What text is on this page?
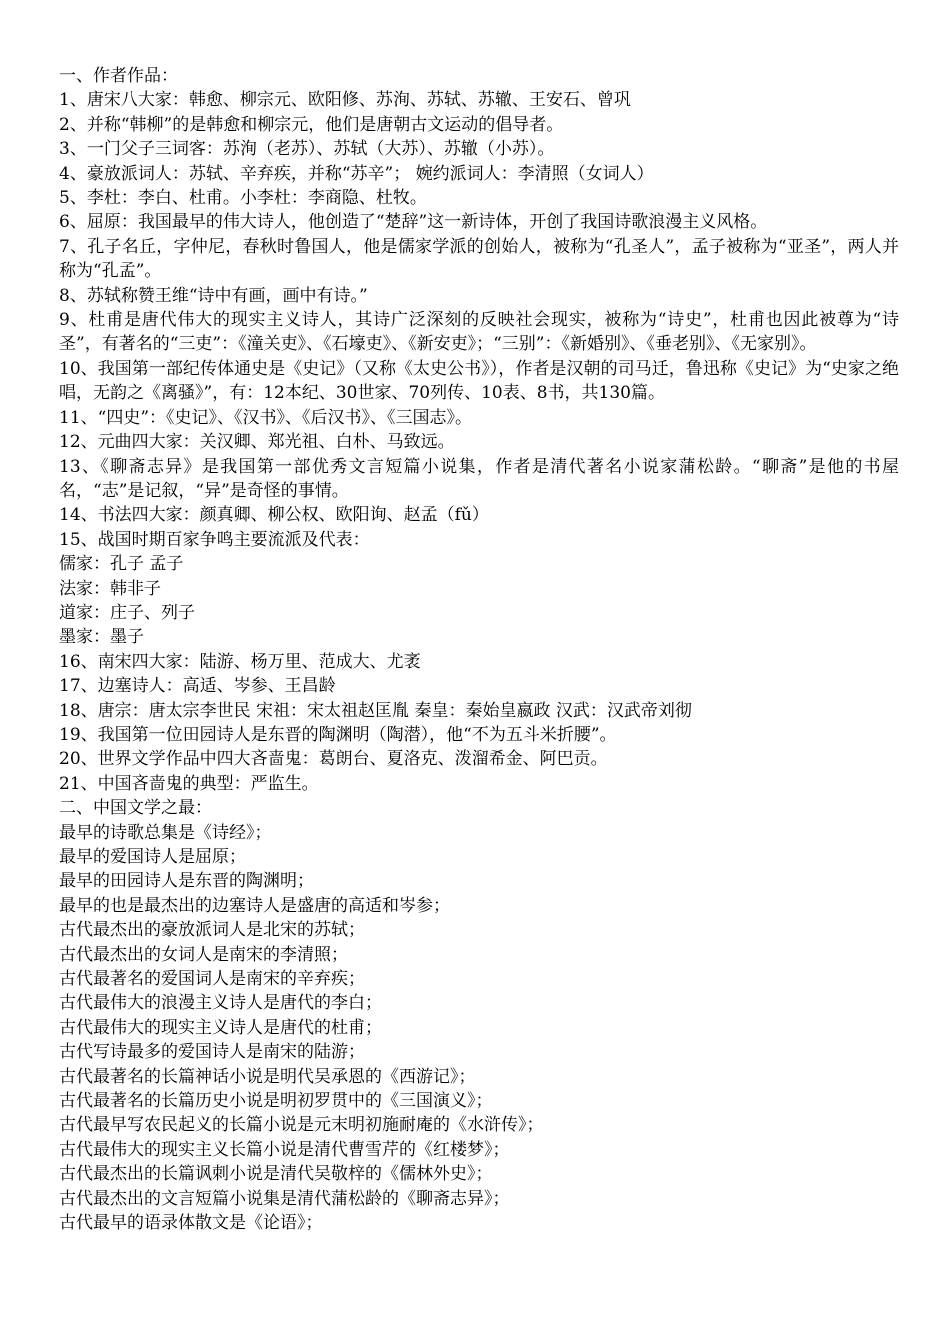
一、作者作品：

1、唐宋八大家：韩愈、柳宗元、欧阳修、苏洵、苏轼、苏辙、王安石、曾巩

2、并称“韩柳”的是韩愈和柳宗元，他们是唐朝古文运动的倡导者。

3、一门父子三词客：苏洵（老苏）、苏轼（大苏）、苏辙（小苏）。

4、豪放派词人：苏轼、辛弃疾，并称“苏辛”； 婉约派词人：李清照（女词人）

5、李杜：李白、杜甫。小李杜：李商隐、杜牧。

6、屈原：我国最早的伟大诗人，他创造了“楚辞”这一新诗体，开创了我国诗歌浪漫主义风格。

7、孔子名丘，字仲尼，春秋时鲁国人，他是儒家学派的创始人，被称为“孔圣人”，孟子被称为“亚圣”，两人并称为“孔孟”。

8、苏轼称赞王维“诗中有画，画中有诗。”

9、杜甫是唐代伟大的现实主义诗人，其诗广泛深刻的反映社会现实，被称为“诗史”，杜甫也因此被尊为“诗圣”，有著名的“三吏”：《潼关吏》、《石壕吏》、《新安吏》；“三别”：《新婚别》、《垂老别》、《无家别》。

10、我国第一部纪传体通史是《史记》（又称《太史公书》），作者是汉朝的司马迁，鲁迅称《史记》为“史家之绝唱，无韵之《离骚》”，有：12本纪、30世家、70列传、10表、8书，共130篇。

11、“四史”：《史记》、《汉书》、《后汉书》、《三国志》。

12、元曲四大家：关汉卿、郑光祖、白朴、马致远。

13、《聊斋志异》是我国第一部优秀文言短篇小说集，作者是清代著名小说家蒲松龄。“聊斋”是他的书屋名，“志”是记叙，“异”是奇怪的事情。

14、书法四大家：颜真卿、柳公权、欧阳询、赵孟（fǔ）

15、战国时期百家争鸣主要流派及代表：

儒家：孔子 孟子

法家：韩非子

道家：庄子、列子

墨家：墨子

16、南宋四大家：陆游、杨万里、范成大、尤袤

17、边塞诗人：高适、岑参、王昌龄

18、唐宗：唐太宗李世民 宋祖：宋太祖赵匡胤 秦皇：秦始皇嬴政 汉武：汉武帝刘彻

19、我国第一位田园诗人是东晋的陶渊明（陶潜），他“不为五斗米折腰”。

20、世界文学作品中四大吝啬鬼：葛朗台、夏洛克、泼溜希金、阿巴贡。

21、中国吝啬鬼的典型：严监生。

二、中国文学之最：

最早的诗歌总集是《诗经》；

最早的爱国诗人是屈原；

最早的田园诗人是东晋的陶渊明；

最早的也是最杰出的边塞诗人是盛唐的高适和岑参；

古代最杰出的豪放派词人是北宋的苏轼；

古代最杰出的女词人是南宋的李清照；

古代最著名的爱国词人是南宋的辛弃疾；

古代最伟大的浪漫主义诗人是唐代的李白；

古代最伟大的现实主义诗人是唐代的杜甫；

古代写诗最多的爱国诗人是南宋的陆游；

古代最著名的长篇神话小说是明代吴承恩的《西游记》；

古代最著名的长篇历史小说是明初罗贯中的《三国演义》；

古代最早写农民起义的长篇小说是元末明初施耐庵的《水浒传》；

古代最伟大的现实主义长篇小说是清代曹雪芹的《红楼梦》；

古代最杰出的长篇讽刺小说是清代吴敬梓的《儒林外史》；

古代最杰出的文言短篇小说集是清代蒲松龄的《聊斋志异》；

古代最早的语录体散文是《论语》；
